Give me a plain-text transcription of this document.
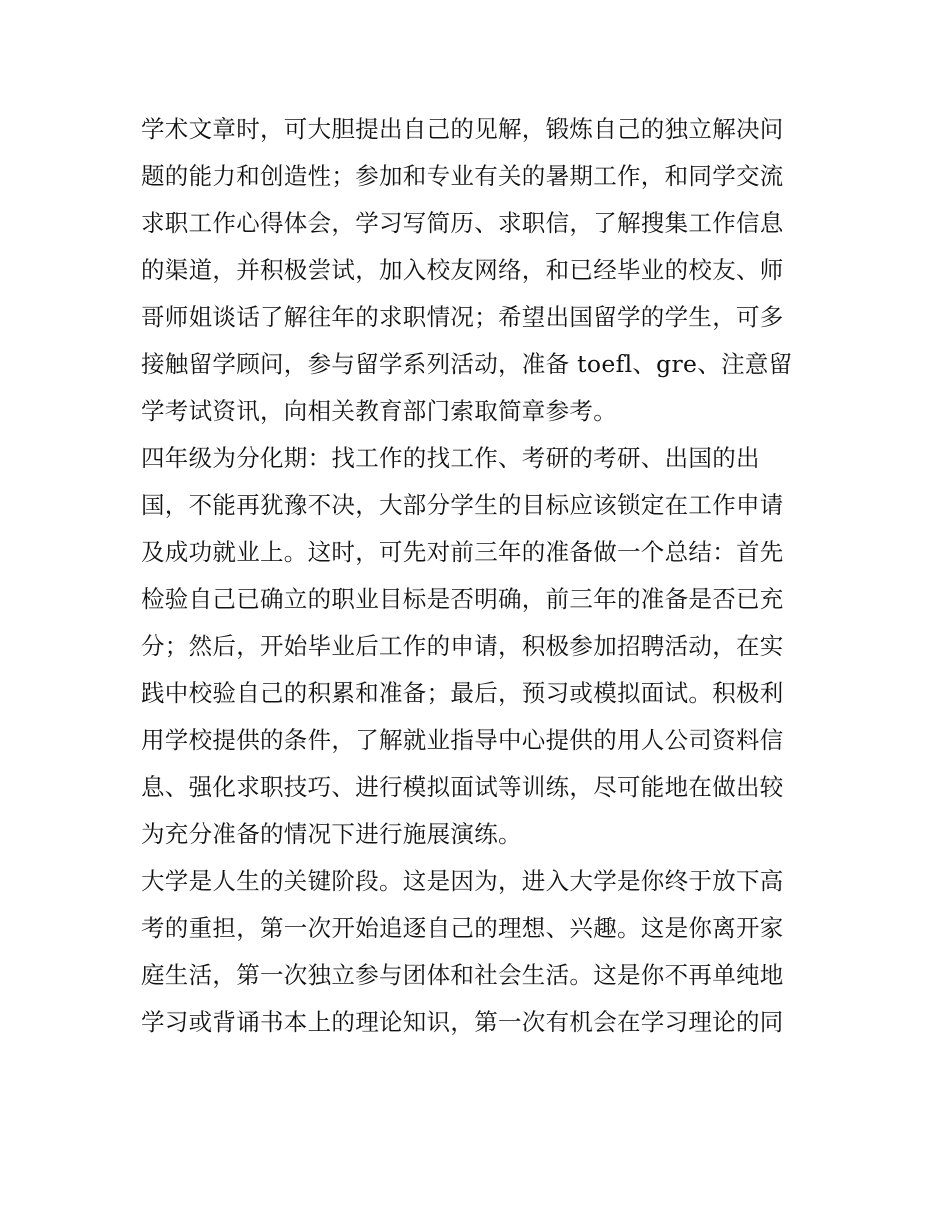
学术文章时，可大胆提出自己的见解，锻炼自己的独立解决问
题的能力和创造性；参加和专业有关的暑期工作，和同学交流
求职工作心得体会，学习写简历、求职信，了解搜集工作信息
的渠道，并积极尝试，加入校友网络，和已经毕业的校友、师
哥师姐谈话了解往年的求职情况；希望出国留学的学生，可多
接触留学顾问，参与留学系列活动，准备 toefl、gre、注意留
学考试资讯，向相关教育部门索取简章参考。
四年级为分化期：找工作的找工作、考研的考研、出国的出
国，不能再犹豫不决，大部分学生的目标应该锁定在工作申请
及成功就业上。这时，可先对前三年的准备做一个总结：首先
检验自己已确立的职业目标是否明确，前三年的准备是否已充
分；然后，开始毕业后工作的申请，积极参加招聘活动，在实
践中校验自己的积累和准备；最后，预习或模拟面试。积极利
用学校提供的条件，了解就业指导中心提供的用人公司资料信
息、强化求职技巧、进行模拟面试等训练，尽可能地在做出较
为充分准备的情况下进行施展演练。
大学是人生的关键阶段。这是因为，进入大学是你终于放下高
考的重担，第一次开始追逐自己的理想、兴趣。这是你离开家
庭生活，第一次独立参与团体和社会生活。这是你不再单纯地
学习或背诵书本上的理论知识，第一次有机会在学习理论的同
